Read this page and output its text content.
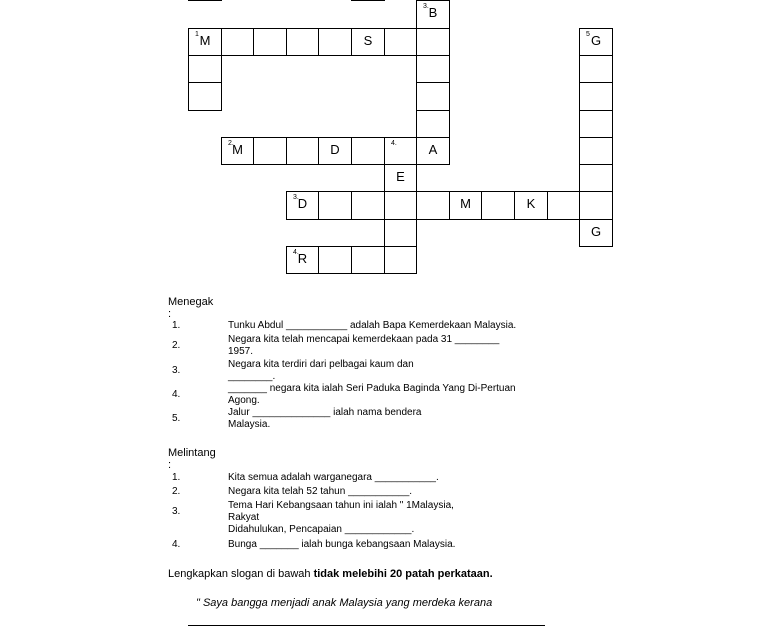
3. B
1 M	S	5 G
2.
M	D	4.	A
E
3.
D	M	K
G
4.
R
Menegak
:
1.	Tunku Abdul ___________ adalah Bapa Kemerdekaan Malaysia.
2.
Negara kita telah mencapai kemerdekaan pada 31 ________
1957.
3.
Negara kita terdiri dari pelbagai kaum dan
________.
4.
_______ negara kita ialah Seri Paduka Baginda Yang Di-Pertuan
Agong.
5.
Jalur ______________ ialah nama bendera
Malaysia.
Melintang
:
1.	Kita semua adalah warganegara ___________.
2.	Negara kita telah 52 tahun ___________.
3.
Tema Hari Kebangsaan tahun ini ialah " 1Malaysia,
Rakyat
Didahulukan, Pencapaian ____________.
4.	Bunga _______ ialah bunga kebangsaan Malaysia.
Lengkapkan slogan di bawah tidak melebihi 20 patah perkataan.
" Saya bangga menjadi anak Malaysia yang merdeka kerana
